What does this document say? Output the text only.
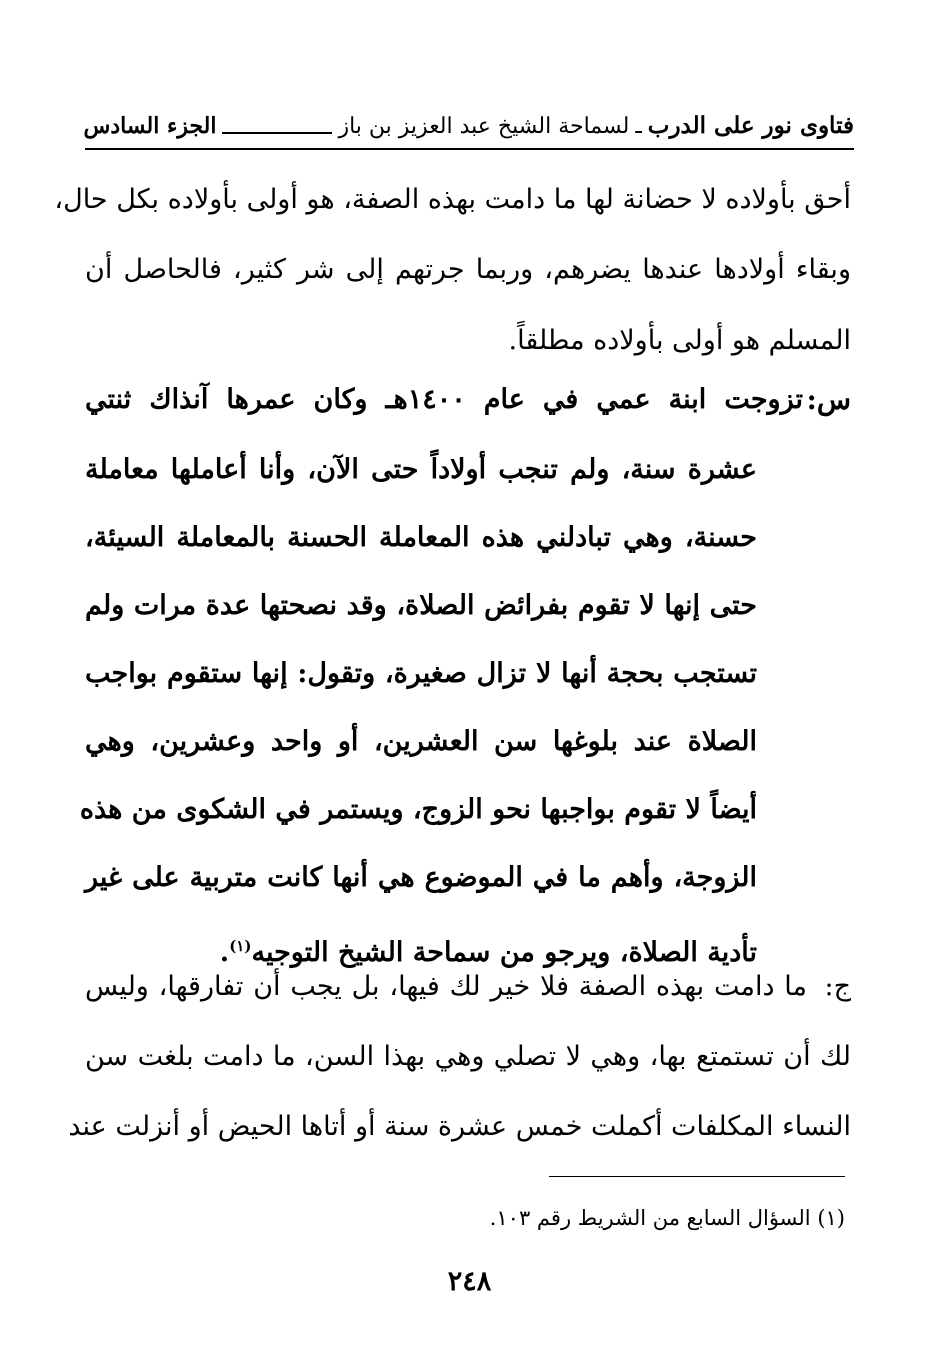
فتاوى نور على الدرب
ـ
لسماحة الشيخ عبد العزيز بن باز
الجزء السادس
أحق بأولاده لا حضانة لها ما دامت بهذه الصفة، هو أولى بأولاده بكل حال،
وبقاء أولادها عندها يضرهم، وربما جرتهم إلى شر كثير، فالحاصل أن
المسلم هو أولى بأولاده مطلقاً.
س:
تزوجت ابنة عمي في عام ١٤٠٠هـ وكان عمرها آنذاك ثنتي
عشرة سنة، ولم تنجب أولاداً حتى الآن، وأنا أعاملها معاملة
حسنة، وهي تبادلني هذه المعاملة الحسنة بالمعاملة السيئة،
حتى إنها لا تقوم بفرائض الصلاة، وقد نصحتها عدة مرات ولم
تستجب بحجة أنها لا تزال صغيرة، وتقول: إنها ستقوم بواجب
الصلاة عند بلوغها سن العشرين، أو واحد وعشرين، وهي
أيضاً لا تقوم بواجبها نحو الزوج، ويستمر في الشكوى من هذه
الزوجة، وأهم ما في الموضوع هي أنها كانت متربية على غير
تأدية الصلاة، ويرجو من سماحة الشيخ التوجيه$^{(١)}$.
ج:
ما دامت بهذه الصفة فلا خير لك فيها، بل يجب أن تفارقها، وليس
لك أن تستمتع بها، وهي لا تصلي وهي بهذا السن، ما دامت بلغت سن
النساء المكلفات أكملت خمس عشرة سنة أو أتاها الحيض أو أنزلت عند
(١) السؤال السابع من الشريط رقم ١٠٣.
٢٤٨
